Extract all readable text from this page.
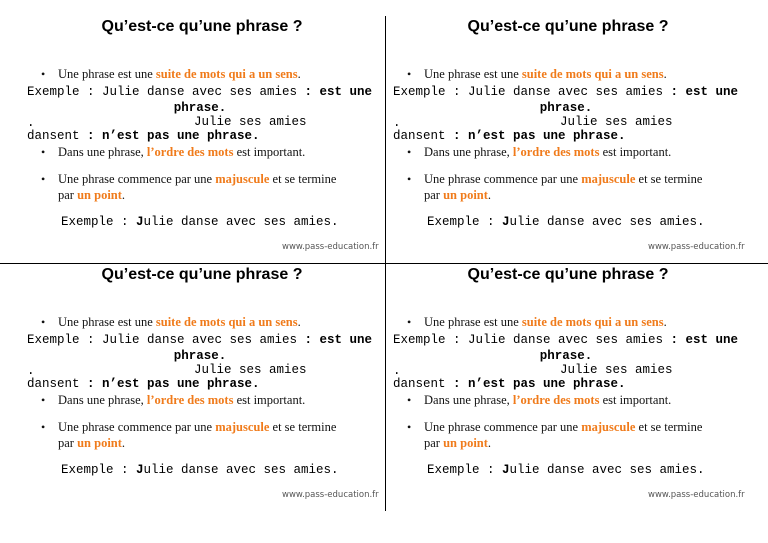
Qu’est-ce qu’une phrase ?
• Une phrase est une suite de mots qui a un sens.
Exemple : Julie danse avec ses amies : est une
phrase.
.	Julie ses amies
dansent : n’est pas une phrase.
• Dans une phrase, l’ordre des mots est important.
• Une phrase commence par une majuscule et se termine
par un point.
Exemple : Julie danse avec ses amies.
www.pass-education.fr
Qu’est-ce qu’une phrase ?
• Une phrase est une suite de mots qui a un sens.
Exemple : Julie danse avec ses amies : est une
phrase.
.	Julie ses amies
dansent : n’est pas une phrase.
• Dans une phrase, l’ordre des mots est important.
• Une phrase commence par une majuscule et se termine
par un point.
Exemple : Julie danse avec ses amies.
www.pass-education.fr
Qu’est-ce qu’une phrase ?
• Une phrase est une suite de mots qui a un sens.
Exemple : Julie danse avec ses amies : est une
phrase.
.	Julie ses amies
dansent : n’est pas une phrase.
• Dans une phrase, l’ordre des mots est important.
• Une phrase commence par une majuscule et se termine
par un point.
Exemple : Julie danse avec ses amies.
www.pass-education.fr
Qu’est-ce qu’une phrase ?
• Une phrase est une suite de mots qui a un sens.
Exemple : Julie danse avec ses amies : est une
phrase.
.	Julie ses amies
dansent : n’est pas une phrase.
• Dans une phrase, l’ordre des mots est important.
• Une phrase commence par une majuscule et se termine
par un point.
Exemple : Julie danse avec ses amies.
www.pass-education.fr
